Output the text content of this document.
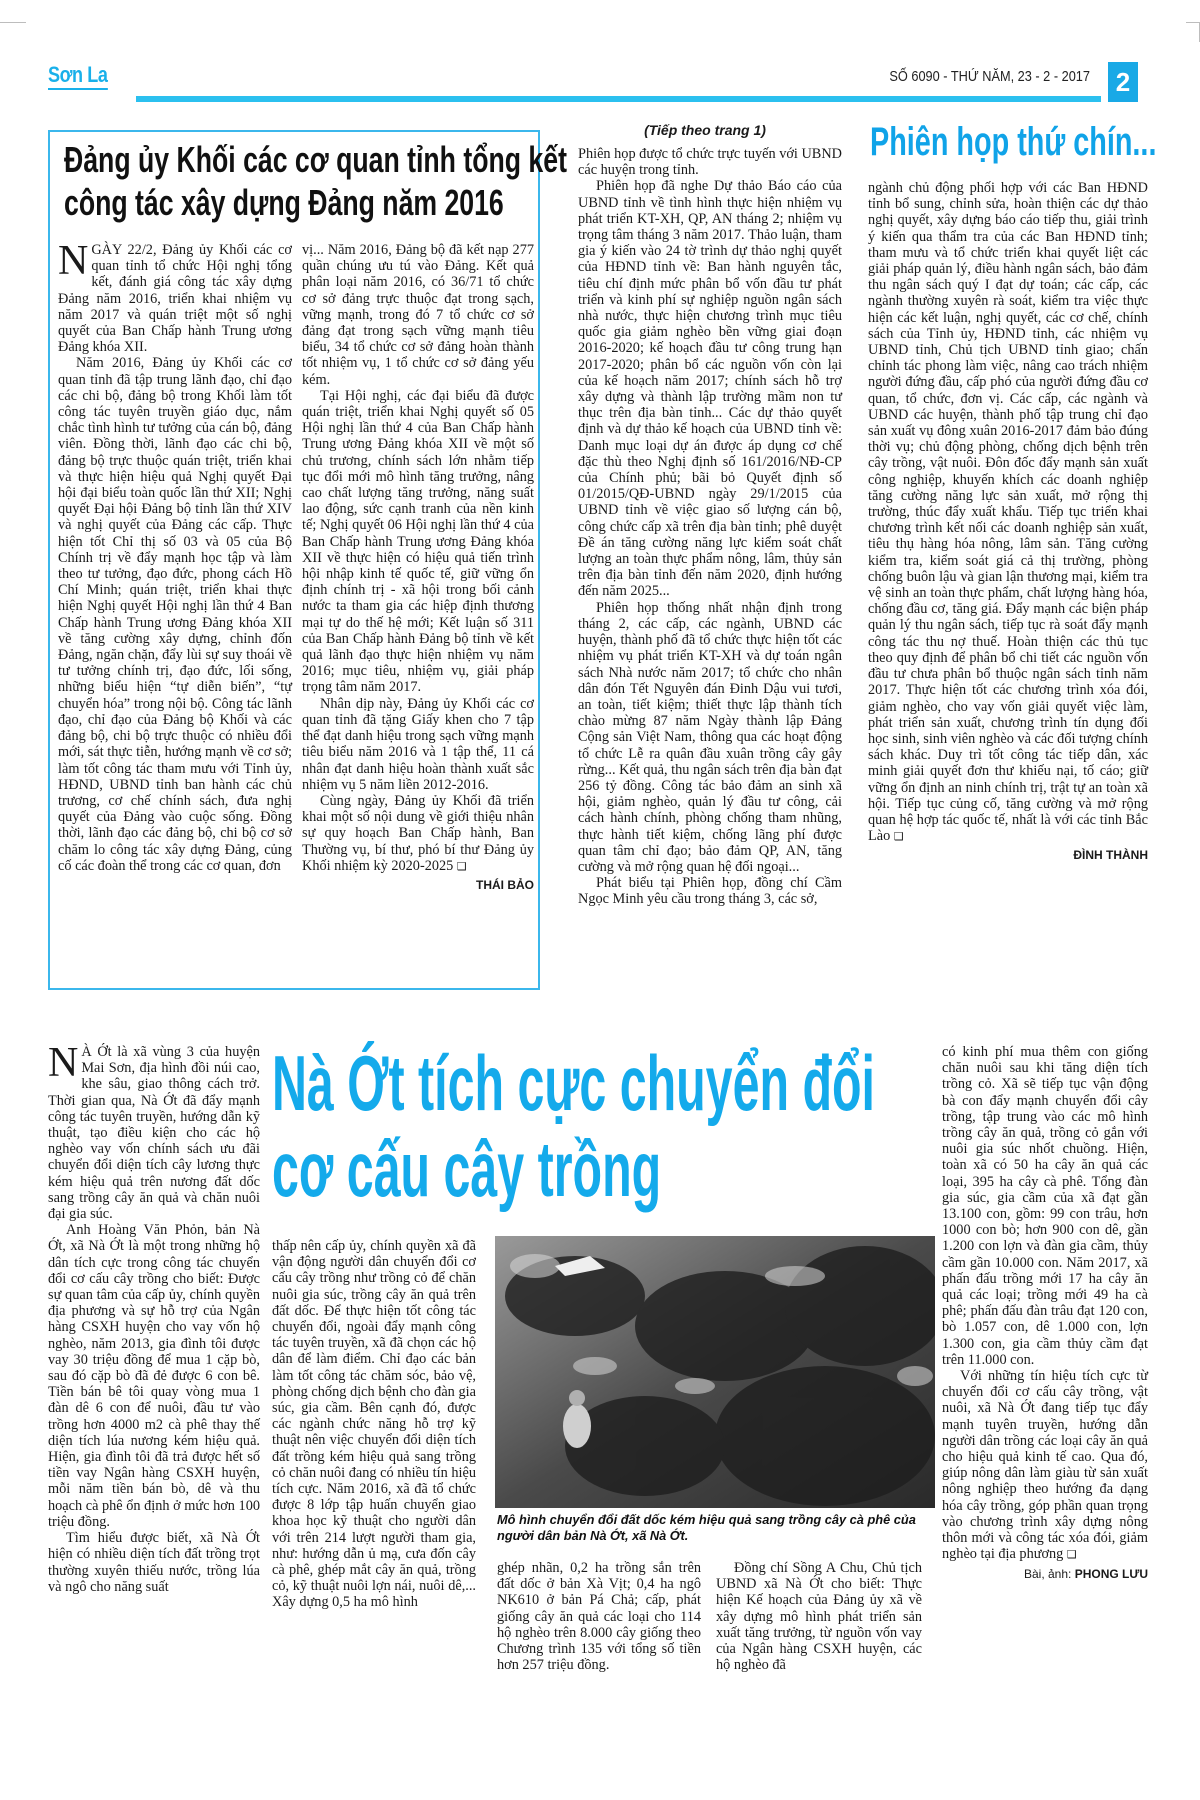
Sơn La	SỐ 6090 - THỨ NĂM, 23 - 2 - 2017 2
Đảng ủy Khối các cơ quan tỉnh tổng kết
công tác xây dựng Đảng năm 2016

NGÀY 22/2, Đảng ủy Khối các cơ quan tỉnh tổ chức Hội nghị tổng kết, đánh giá công tác xây dựng Đảng năm 2016, triển khai nhiệm vụ năm 2017 và quán triệt một số nghị quyết của Ban Chấp hành Trung ương Đảng khóa XII.

Năm 2016, Đảng ủy Khối các cơ quan tỉnh đã tập trung lãnh đạo, chỉ đạo các chi bộ, đảng bộ trong Khối làm tốt công tác tuyên truyền giáo dục, nắm chắc tình hình tư tưởng của cán bộ, đảng viên. Đồng thời, lãnh đạo các chi bộ, đảng bộ trực thuộc quán triệt, triển khai và thực hiện hiệu quả Nghị quyết Đại hội đại biểu toàn quốc lần thứ XII; Nghị quyết Đại hội Đảng bộ tỉnh lần thứ XIV và nghị quyết của Đảng các cấp. Thực hiện tốt Chỉ thị số 03 và 05 của Bộ Chính trị về đẩy mạnh học tập và làm theo tư tưởng, đạo đức, phong cách Hồ Chí Minh; quán triệt, triển khai thực hiện Nghị quyết Hội nghị lần thứ 4 Ban Chấp hành Trung ương Đảng khóa XII về tăng cường xây dựng, chỉnh đốn Đảng, ngăn chặn, đẩy lùi sự suy thoái về tư tưởng chính trị, đạo đức, lối sống, những biểu hiện “tự diễn biến”, “tự chuyển hóa” trong nội bộ. Công tác lãnh đạo, chỉ đạo của Đảng bộ Khối và các đảng bộ, chi bộ trực thuộc có nhiều đổi mới, sát thực tiễn, hướng mạnh về cơ sở; làm tốt công tác tham mưu với Tỉnh ủy, HĐND, UBND tỉnh ban hành các chủ trương, cơ chế chính sách, đưa nghị quyết của Đảng vào cuộc sống. Đồng thời, lãnh đạo các đảng bộ, chi bộ cơ sở chăm lo công tác xây dựng Đảng, củng cố các đoàn thể trong các cơ quan, đơn

vị... Năm 2016, Đảng bộ đã kết nạp 277 quần chúng ưu tú vào Đảng. Kết quả phân loại năm 2016, có 36/71 tổ chức cơ sở đảng trực thuộc đạt trong sạch, vững mạnh, trong đó 7 tổ chức cơ sở đảng đạt trong sạch vững mạnh tiêu biểu, 34 tổ chức cơ sở đảng hoàn thành tốt nhiệm vụ, 1 tổ chức cơ sở đảng yếu kém.

Tại Hội nghị, các đại biểu đã được quán triệt, triển khai Nghị quyết số 05 Hội nghị lần thứ 4 của Ban Chấp hành Trung ương Đảng khóa XII về một số chủ trương, chính sách lớn nhằm tiếp tục đổi mới mô hình tăng trưởng, nâng cao chất lượng tăng trưởng, năng suất lao động, sức cạnh tranh của nền kinh tế; Nghị quyết 06 Hội nghị lần thứ 4 của Ban Chấp hành Trung ương Đảng khóa XII về thực hiện có hiệu quả tiến trình hội nhập kinh tế quốc tế, giữ vững ổn định chính trị - xã hội trong bối cảnh nước ta tham gia các hiệp định thương mại tự do thế hệ mới; Kết luận số 311 của Ban Chấp hành Đảng bộ tỉnh về kết quả lãnh đạo thực hiện nhiệm vụ năm 2016; mục tiêu, nhiệm vụ, giải pháp trọng tâm năm 2017.

Nhân dịp này, Đảng ủy Khối các cơ quan tỉnh đã tặng Giấy khen cho 7 tập thể đạt danh hiệu trong sạch vững mạnh tiêu biểu năm 2016 và 1 tập thể, 11 cá nhân đạt danh hiệu hoàn thành xuất sắc nhiệm vụ 5 năm liền 2012-2016.

Cùng ngày, Đảng ủy Khối đã triển khai một số nội dung về giới thiệu nhân sự quy hoạch Ban Chấp hành, Ban Thường vụ, bí thư, phó bí thư Đảng ủy Khối nhiệm kỳ 2020-2025 ❑

THÁI BẢO
(Tiếp theo trang 1)	Phiên họp thứ chín...

Phiên họp được tổ chức trực tuyến với UBND các huyện trong tỉnh.

Phiên họp đã nghe Dự thảo Báo cáo của UBND tỉnh về tình hình thực hiện nhiệm vụ phát triển KT-XH, QP, AN tháng 2; nhiệm vụ trọng tâm tháng 3 năm 2017. Thảo luận, tham gia ý kiến vào 24 tờ trình dự thảo nghị quyết của HĐND tỉnh về: Ban hành nguyên tắc, tiêu chí định mức phân bổ vốn đầu tư phát triển và kinh phí sự nghiệp nguồn ngân sách nhà nước, thực hiện chương trình mục tiêu quốc gia giảm nghèo bền vững giai đoạn 2016-2020; kế hoạch đầu tư công trung hạn 2017-2020; phân bổ các nguồn vốn còn lại của kế hoạch năm 2017; chính sách hỗ trợ xây dựng và thành lập trường mầm non tư thục trên địa bàn tỉnh... Các dự thảo quyết định và dự thảo kế hoạch của UBND tỉnh về: Danh mục loại dự án được áp dụng cơ chế đặc thù theo Nghị định số 161/2016/NĐ-CP của Chính phủ; bãi bỏ Quyết định số 01/2015/QĐ-UBND ngày 29/1/2015 của UBND tỉnh về việc giao số lượng cán bộ, công chức cấp xã trên địa bàn tỉnh; phê duyệt Đề án tăng cường năng lực kiểm soát chất lượng an toàn thực phẩm nông, lâm, thủy sản trên địa bàn tỉnh đến năm 2020, định hướng đến năm 2025...

Phiên họp thống nhất nhận định trong tháng 2, các cấp, các ngành, UBND các huyện, thành phố đã tổ chức thực hiện tốt các nhiệm vụ phát triển KT-XH và dự toán ngân sách Nhà nước năm 2017; tổ chức cho nhân dân đón Tết Nguyên đán Đinh Dậu vui tươi, an toàn, tiết kiệm; thiết thực lập thành tích chào mừng 87 năm Ngày thành lập Đảng Cộng sản Việt Nam, thông qua các hoạt động tổ chức Lễ ra quân đầu xuân trồng cây gây rừng... Kết quả, thu ngân sách trên địa bàn đạt 256 tỷ đồng. Công tác bảo đảm an sinh xã hội, giảm nghèo, quản lý đầu tư công, cải cách hành chính, phòng chống tham nhũng, thực hành tiết kiệm, chống lãng phí được quan tâm chỉ đạo; bảo đảm QP, AN, tăng cường và mở rộng quan hệ đối ngoại...

Phát biểu tại Phiên họp, đồng chí Cầm Ngọc Minh yêu cầu trong tháng 3, các sở,

ngành chủ động phối hợp với các Ban HĐND tỉnh bổ sung, chỉnh sửa, hoàn thiện các dự thảo nghị quyết, xây dựng báo cáo tiếp thu, giải trình ý kiến qua thẩm tra của các Ban HĐND tỉnh; tham mưu và tổ chức triển khai quyết liệt các giải pháp quản lý, điều hành ngân sách, bảo đảm thu ngân sách quý I đạt dự toán; các cấp, các ngành thường xuyên rà soát, kiểm tra việc thực hiện các kết luận, nghị quyết, các cơ chế, chính sách của Tỉnh ủy, HĐND tỉnh, các nhiệm vụ UBND tỉnh, Chủ tịch UBND tỉnh giao; chấn chỉnh tác phong làm việc, nâng cao trách nhiệm người đứng đầu, cấp phó của người đứng đầu cơ quan, tổ chức, đơn vị. Các cấp, các ngành và UBND các huyện, thành phố tập trung chỉ đạo sản xuất vụ đông xuân 2016-2017 đảm bảo đúng thời vụ; chủ động phòng, chống dịch bệnh trên cây trồng, vật nuôi. Đôn đốc đẩy mạnh sản xuất công nghiệp, khuyến khích các doanh nghiệp tăng cường năng lực sản xuất, mở rộng thị trường, thúc đẩy xuất khẩu. Tiếp tục triển khai chương trình kết nối các doanh nghiệp sản xuất, tiêu thụ hàng hóa nông, lâm sản. Tăng cường kiểm tra, kiểm soát giá cả thị trường, phòng chống buôn lậu và gian lận thương mại, kiểm tra vệ sinh an toàn thực phẩm, chất lượng hàng hóa, chống đầu cơ, tăng giá. Đẩy mạnh các biện pháp quản lý thu ngân sách, tiếp tục rà soát đẩy mạnh công tác thu nợ thuế. Hoàn thiện các thủ tục theo quy định để phân bổ chi tiết các nguồn vốn đầu tư chưa phân bổ thuộc ngân sách tỉnh năm 2017. Thực hiện tốt các chương trình xóa đói, giảm nghèo, cho vay vốn giải quyết việc làm, phát triển sản xuất, chương trình tín dụng đối học sinh, sinh viên nghèo và các đối tượng chính sách khác. Duy trì tốt công tác tiếp dân, xác minh giải quyết đơn thư khiếu nại, tố cáo; giữ vững ổn định an ninh chính trị, trật tự an toàn xã hội. Tiếp tục củng cố, tăng cường và mở rộng quan hệ hợp tác quốc tế, nhất là với các tỉnh Bắc Lào ❑

ĐÌNH THÀNH
Nà Ớt tích cực chuyển đổi
cơ cấu cây trồng

N À Ớt là xã vùng 3 của huyện Mai Sơn, địa hình đồi núi cao, khe sâu, giao thông cách trở. Thời gian qua, Nà Ớt đã đẩy mạnh công tác tuyên truyền, hướng dẫn kỹ thuật, tạo điều kiện cho các hộ nghèo vay vốn chính sách ưu đãi chuyển đổi diện tích cây lương thực kém hiệu quả trên nương đất dốc sang trồng cây ăn quả và chăn nuôi đại gia súc.

Anh Hoàng Văn Phỏn, bản Nà Ớt, xã Nà Ớt là một trong những hộ dân tích cực trong công tác chuyển đổi cơ cấu cây trồng cho biết: Được sự quan tâm của cấp ủy, chính quyền địa phương và sự hỗ trợ của Ngân hàng CSXH huyện cho vay vốn hộ nghèo, năm 2013, gia đình tôi được vay 30 triệu đồng để mua 1 cặp bò, sau đó cặp bò đã đẻ được 6 con bê. Tiền bán bê tôi quay vòng mua 1 đàn dê 6 con để nuôi, đầu tư vào trồng hơn 4000 m2 cà phê thay thế diện tích lúa nương kém hiệu quả. Hiện, gia đình tôi đã trả được hết số tiền vay Ngân hàng CSXH huyện, mỗi năm tiền bán bò, dê và thu hoạch cà phê ổn định ở mức hơn 100 triệu đồng.

Tìm hiểu được biết, xã Nà Ớt hiện có nhiều diện tích đất trồng trọt thường xuyên thiếu nước, trồng lúa và ngô cho năng suất

thấp nên cấp ủy, chính quyền xã đã vận động người dân chuyển đổi cơ cấu cây trồng như trồng cỏ để chăn nuôi gia súc, trồng cây ăn quả trên đất dốc. Để thực hiện tốt công tác chuyển đổi, ngoài đẩy mạnh công tác tuyên truyền, xã đã chọn các hộ dân để làm điểm. Chỉ đạo các bản làm tốt công tác chăm sóc, bảo vệ, phòng chống dịch bệnh cho đàn gia súc, gia cầm. Bên cạnh đó, được các ngành chức năng hỗ trợ kỹ thuật nên việc chuyển đổi diện tích đất trồng kém hiệu quả sang trồng cỏ chăn nuôi đang có nhiều tín hiệu tích cực. Năm 2016, xã đã tổ chức được 8 lớp tập huấn chuyển giao khoa học kỹ thuật cho người dân với trên 214 lượt người tham gia, như: hướng dẫn ủ mạ, cưa đốn cây cà phê, ghép mắt cây ăn quả, trồng cỏ, kỹ thuật nuôi lợn nái, nuôi dê,... Xây dựng 0,5 ha mô hình

Mô hình chuyển đổi đất dốc kém hiệu quả sang trồng cây cà phê của người dân bản Nà Ớt, xã Nà Ớt.

ghép nhãn, 0,2 ha trồng sắn trên đất dốc ở bản Xà Vịt; 0,4 ha ngô NK610 ở bản Pá Chả; cấp, phát giống cây ăn quả các loại cho 114 hộ nghèo trên 8.000 cây giống theo Chương trình 135 với tổng số tiền hơn 257 triệu đồng.

Đồng chí Sồng A Chu, Chủ tịch UBND xã Nà Ớt cho biết: Thực hiện Kế hoạch của Đảng ủy xã về xây dựng mô hình phát triển sản xuất tăng trưởng, từ nguồn vốn vay của Ngân hàng CSXH huyện, các hộ nghèo đã

có kinh phí mua thêm con giống chăn nuôi sau khi tăng diện tích trồng cỏ. Xã sẽ tiếp tục vận động bà con đẩy mạnh chuyển đổi cây trồng, tập trung vào các mô hình trồng cây ăn quả, trồng cỏ gắn với nuôi gia súc nhốt chuồng. Hiện, toàn xã có 50 ha cây ăn quả các loại, 395 ha cây cà phê. Tổng đàn gia súc, gia cầm của xã đạt gần 13.100 con, gồm: 99 con trâu, hơn 1000 con bò; hơn 900 con dê, gần 1.200 con lợn và đàn gia cầm, thủy cầm gần 10.000 con. Năm 2017, xã phấn đấu trồng mới 17 ha cây ăn quả các loại; trồng mới 49 ha cà phê; phấn đấu đàn trâu đạt 120 con, bò 1.057 con, dê 1.000 con, lợn 1.300 con, gia cầm thủy cầm đạt trên 11.000 con.

Với những tín hiệu tích cực từ chuyển đổi cơ cấu cây trồng, vật nuôi, xã Nà Ớt đang tiếp tục đẩy mạnh tuyên truyền, hướng dẫn người dân trồng các loại cây ăn quả cho hiệu quả kinh tế cao. Qua đó, giúp nông dân làm giàu từ sản xuất nông nghiệp theo hướng đa dạng hóa cây trồng, góp phần quan trọng vào chương trình xây dựng nông thôn mới và công tác xóa đói, giảm nghèo tại địa phương ❑

Bài, ảnh: PHONG LƯU
